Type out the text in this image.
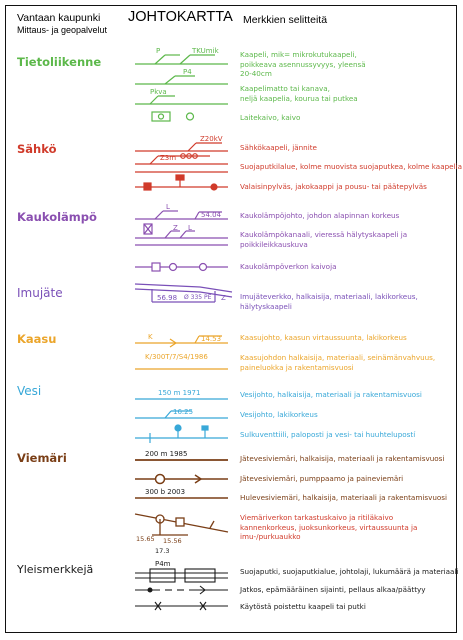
Vantaan kaupunki
Mittaus- ja geopalvelut
JOHTOKARTTA Merkkien selitteitä
Tietoliikenne
Sähkö
Kaukolämpö
Imujäte
Kaasu
Vesi
Viemäri
Yleismerkkejä
Kaapeli, mik= mikrokutukaapeli,
poikkeava asennussyvyys, yleensä
20-40cm
Kaapelimatto tai kanava,
neljä kaapelia, kourua tai putkea
Laitekaivo, kaivo
Sähkökaapeli, jännite
Suojaputkilalue, kolme muovista suojaputkea, kolme kaapelia
Valaisinpylväs, jakokaappi ja pousu- tai päätepylväs
Kaukolämpöjohto, johdon alapinnan korkeus
Kaukolämpökanaali, vieressä hälytyskaapeli ja
poikkileikkauskuva
Kaukolämpöverkon kaivoja
Imujäteverkko, halkaisija, materiaali, lakikorkeus,
hälytyskaapeli
Kaasujohto, kaasun virtaussuunta, lakikorkeus
Kaasujohdon halkaisija, materiaali, seinämänvahvuus,
paineluokka ja rakentamisvuosi
Vesijohto, halkaisija, materiaali ja rakentamisvuosi
Vesijohto, lakikorkeus
Sulkuventtiili, paloposti ja vesi- tai huuhtelupostí
Jätevesiviemäri, halkaisija, materiaali ja rakentamisvuosi
Jätevesiviemäri, pumppaamo ja paineviemäri
Hulevesiviemäri, halkaisija, materiaali ja rakentamisvuosi
Viemäriverkon tarkastuskaivo ja ritiläkaivo
kannenkorkeus, juoksunkorkeus, virtaussuunta ja
imu-/purkuaukko
Suojaputki, suojaputkialue, johtolaji, lukumäärä ja materiaali
Jatkos, epämääräinen sijainti, pellaus alkaa/päättyy
Käytöstä poistettu kaapeli tai putki
P	TKUmik
P4
Pkva
Z20kV
Z3m
L
54.04
Z L
56.98 Ø 335 PE Z
K	14.53
K/300T/7/S4/1986
150 m 1971
16.25
200 m 1985
300 b 2003
15.65 15.56
17.3
P4m
